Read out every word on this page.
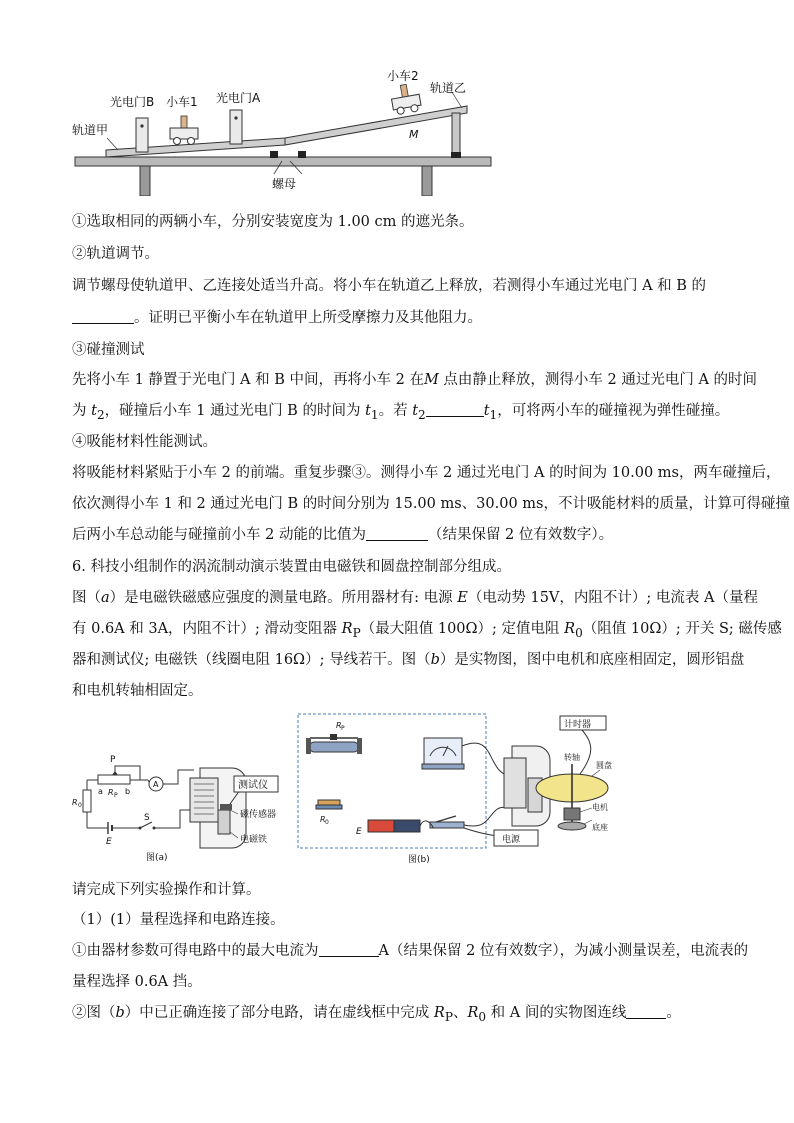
光电门B 小车1 光电门A
小车2
轨道乙
轨道甲	M
螺母
①选取相同的两辆小车，分别安装宽度为 1.00 cm 的遮光条。
②轨道调节。
调节螺母使轨道甲、乙连接处适当升高。将小车在轨道乙上释放，若测得小车通过光电门 A 和 B 的
。证明已平衡小车在轨道甲上所受摩擦力及其他阻力。
③碰撞测试
先将小车 1 静置于光电门 A 和 B 中间，再将小车 2 在M 点由静止释放，测得小车 2 通过光电门 A 的时间
为 $t_2$，碰撞后小车 1 通过光电门 B 的时间为 $t_1$。若 $t_2$	$t_1$，可将两小车的碰撞视为弹性碰撞。
④吸能材料性能测试。
将吸能材料紧贴于小车 2 的前端。重复步骤③。测得小车 2 通过光电门 A 的时间为 10.00 ms，两车碰撞后，
依次测得小车 1 和 2 通过光电门 B 的时间分别为 15.00 ms、30.00 ms，不计吸能材料的质量，计算可得碰撞
后两小车总动能与碰撞前小车 2 动能的比值为	（结果保留 2 位有效数字）。
6. 科技小组制作的涡流制动演示装置由电磁铁和圆盘控制部分组成。
图（a）是电磁铁磁感应强度的测量电路。所用器材有: 电源 E（电动势 15V，内阻不计）; 电流表 A（量程
有 0.6A 和 3A，内阻不计）; 滑动变阻器 $R_P$（最大阻值 100Ω）; 定值电阻 $R_0$（阻值 10Ω）; 开关 S; 磁传感
器和测试仪; 电磁铁（线圈电阻 16Ω）; 导线若干。图（b）是实物图，图中电机和底座相固定，圆形铝盘
和电机转轴相固定。
测试仪
磁传感器
电磁铁
P
a	b
R P
R 0
A
E
S
图(a)
R P
R 0
E
计时器
电源
转轴
圆盘
电机
底座
图(b)
请完成下列实验操作和计算。
（1）(1）量程选择和电路连接。
①由器材参数可得电路中的最大电流为	A（结果保留 2 位有效数字），为减小测量误差，电流表的
量程选择 0.6A 挡。
②图（b）中已正确连接了部分电路，请在虚线框中完成 $R_P$、$R_0$ 和 A 间的实物图连线	。
